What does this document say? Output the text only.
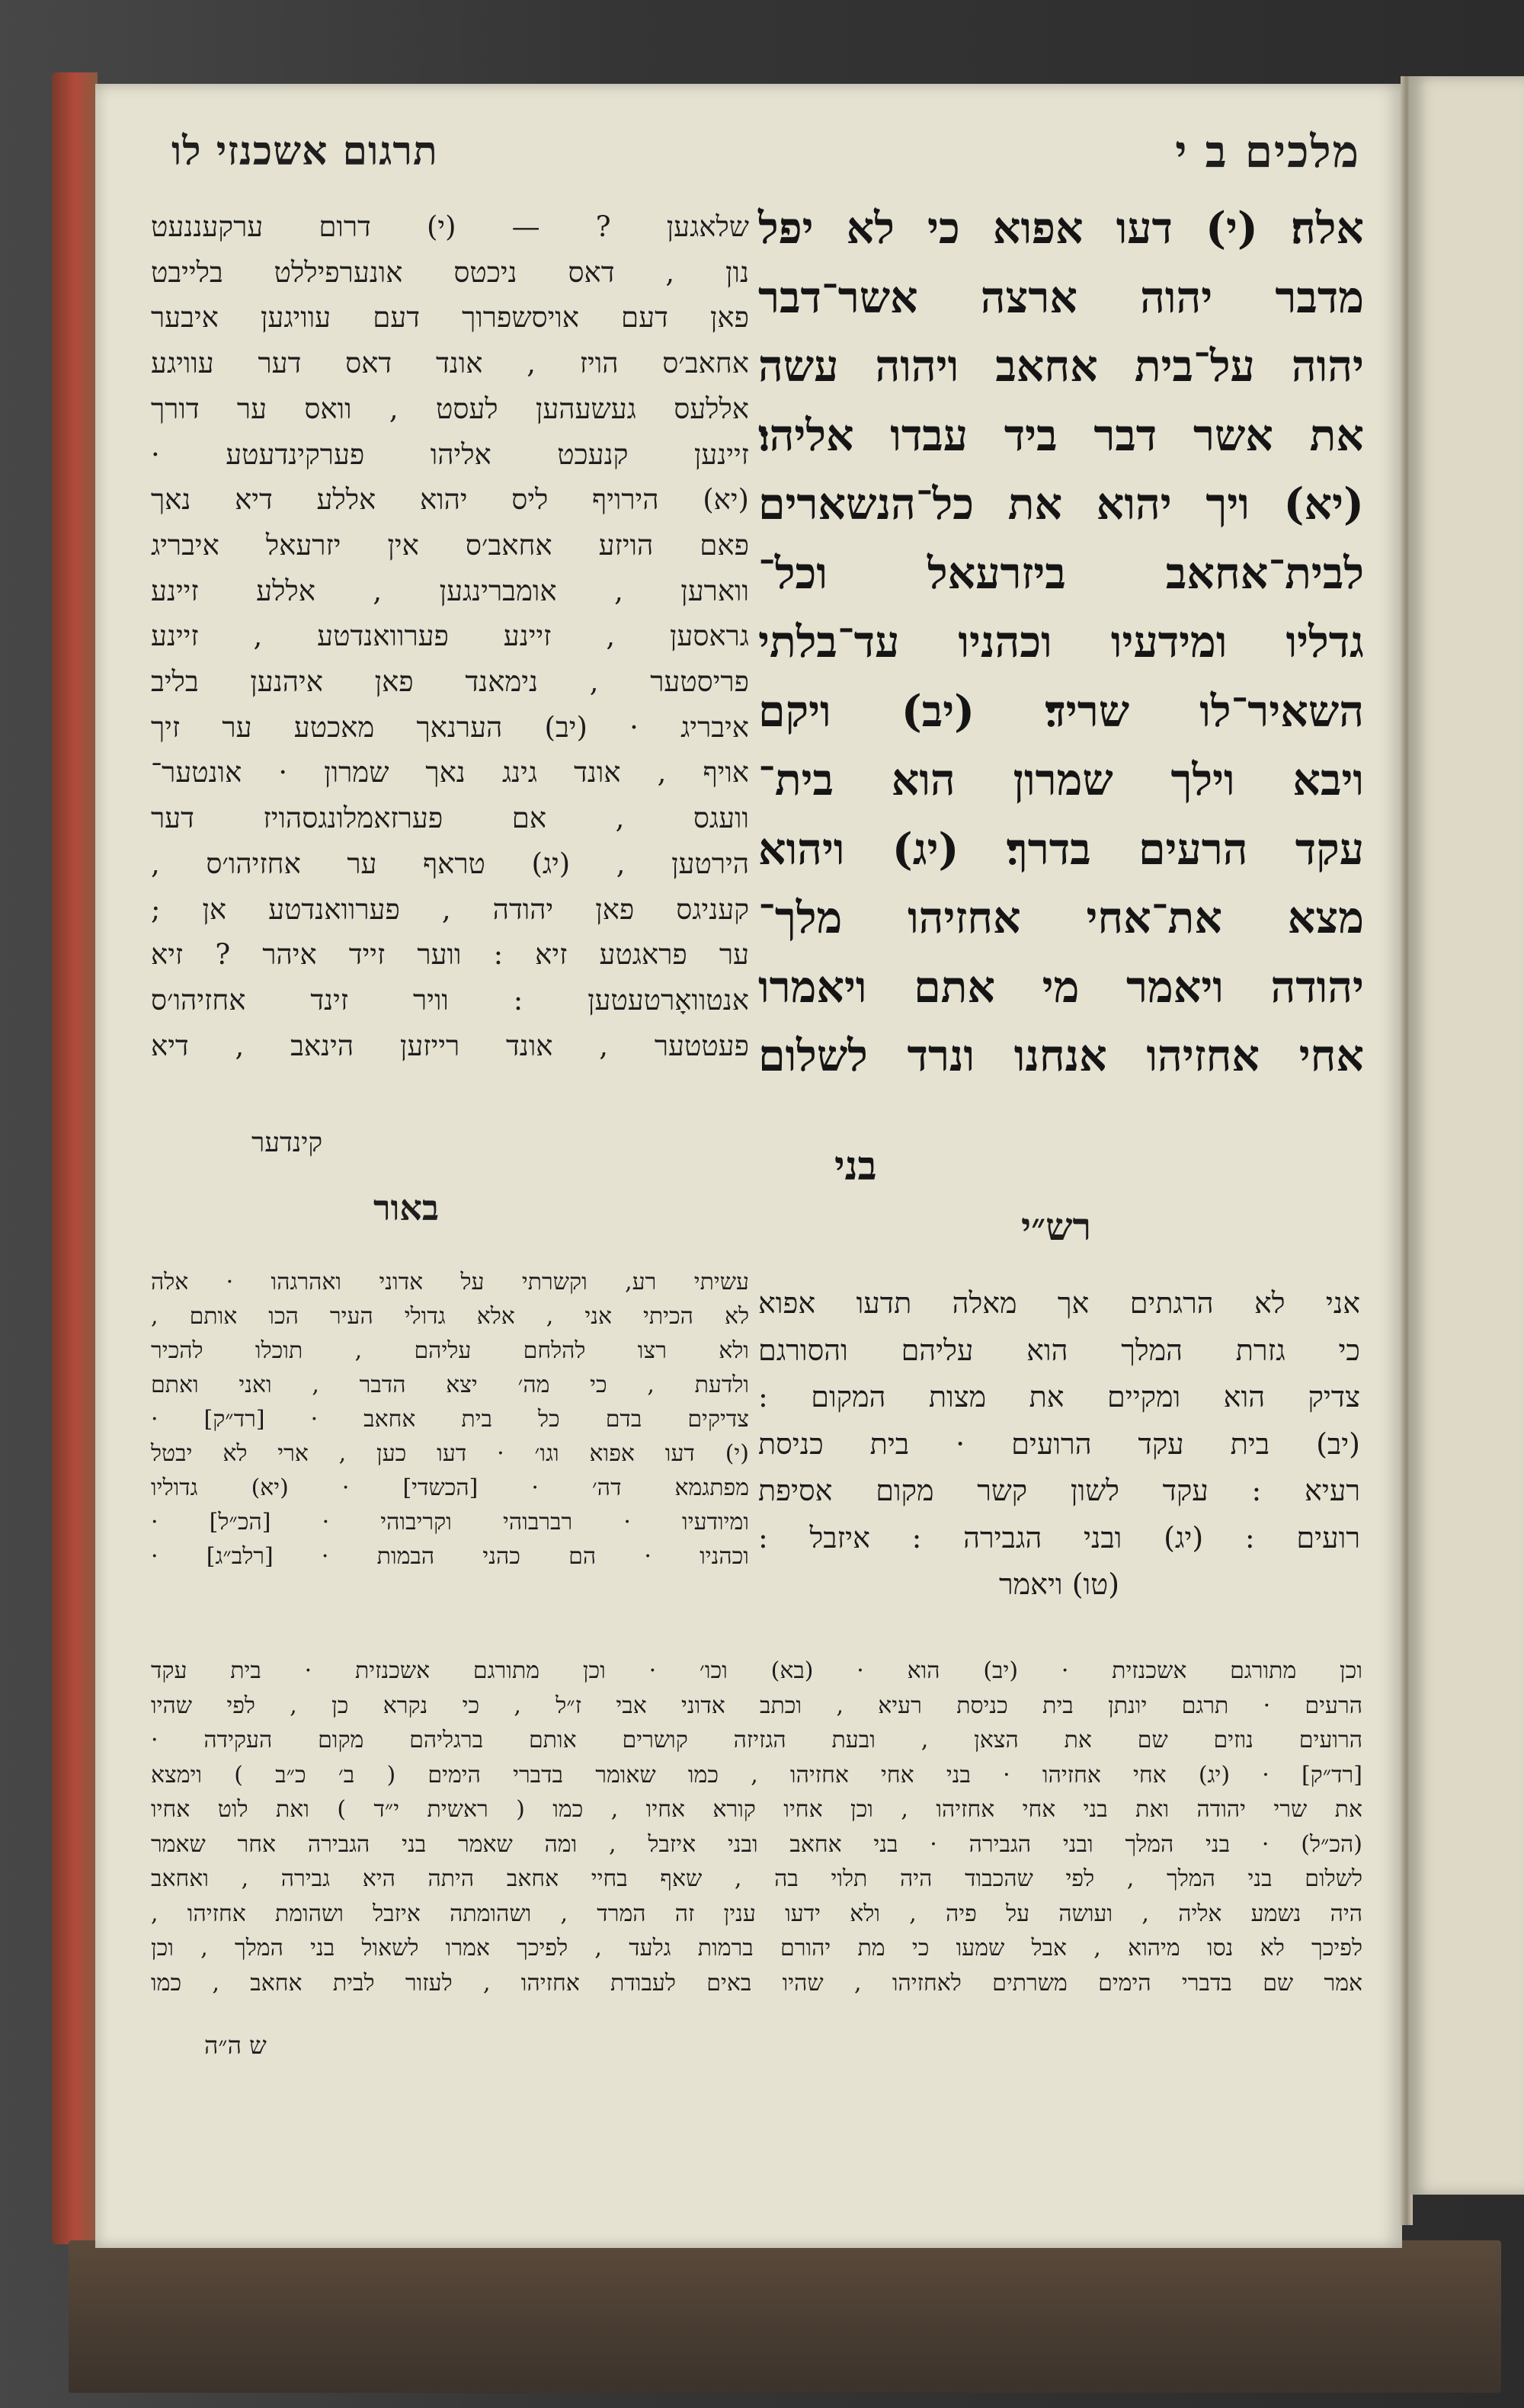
מלכים ב י
תרגום אשכנזי לו
אלה׃ (י) דעו אפוא כי לא יפל
מדבר יהוה ארצה אשר־דבר
יהוה על־בית אחאב ויהוה עשה
את אשר דבר ביד עבדו אליהו׃
(יא) ויך יהוא את כל־הנשארים
לבית־אחאב ביזרעאל וכל־
גדליו ומידעיו וכהניו עד־בלתי
השאיר־לו שריד׃ (יב) ויקם
ויבא וילך שמרון הוא בית־
עקד הרעים בדרך׃ (יג) ויהוא
מצא את־אחי אחזיהו מלך־
יהודה ויאמר מי אתם ויאמרו
אחי אחזיהו אנחנו ונרד לשלום
בני
שלאגען ? — (י) דרום ערקעננעט
נון , דאס ניכטס אונערפיללט בלייבט
פאן דעם אויסשפרוך דעם עוויגען איבער
אחאב׳ס הויז , אונד דאס דער עוויגע
אללעס געשעהען לעסט , וואס ער דורך
זיינען קנעכט אליהו פערקינדעטע ·
(יא) הירויף ליס יהוא אללע דיא נאך
פאם הויזע אחאב׳ס אין יזרעאל איבריג
ווארען , אומברינגען , אללע זיינע
גראסען , זיינע פערוואנדטע , זיינע
פריסטער , נימאנד פאן איהנען בליב
איבריג · (יב) הערנאך מאכטע ער זיך
אויף , אונד גינג נאך שמרון · אונטער־
וועגס , אם פערזאמלונגסהויז דער
הירטען , (יג) טראף ער אחזיהו׳ס ,
קעניגס פאן יהודה , פערוואנדטע אן ;
ער פראגטע זיא : ווער זייד איהר ? זיא
אנטוואָרטעטען : וויר זינד אחזיהו׳ס
פעטטער , אונד רייזען הינאב , דיא
קינדער
רש״י
באור
אני לא הרגתים אך מאלה תדעו אפוא
כי גזרת המלך הוא עליהם והסורגם
צדיק הוא ומקיים את מצות המקום :
(יב) בית עקד הרועים · בית כניסת
רעיא : עקד לשון קשר מקום אסיפת
רועים : (יג) ובני הגבירה : איזבל :
(טו) ויאמר
עשיתי רע, וקשרתי על אדוני ואהרגהו · אלה
לא הכיתי אני , אלא גדולי העיר הכו אותם ,
ולא רצו להלחם עליהם , תוכלו להכיר
ולדעת , כי מה׳ יצא הדבר , ואני ואתם
צדיקים בדם כל בית אחאב · [רד״ק] ·
(י) דעו אפוא וגו׳ · דעו כען , ארי לא יבטל
מפתגמא דה׳ · [הכשדי] · (יא) גדוליו
ומיודעיו · רברבוהי וקריבוהי · [הכ״ל] ·
וכהניו · הם כהני הבמות · [רלב״ג] ·
וכן מתורגם אשכנזית · (יב) הוא · (בא) וכו׳ · וכן מתורגם אשכנזית · בית עקד
הרעים · תרגם יונתן בית כניסת רעיא , וכתב אדוני אבי ז״ל , כי נקרא כן , לפי שהיו
הרועים נוזים שם את הצאן , ובעת הגזיזה קושרים אותם ברגליהם מקום העקידה ·
[רד״ק] · (יג) אחי אחזיהו · בני אחי אחזיהו , כמו שאומר בדברי הימים ( ב׳ כ״ב ) וימצא
את שרי יהודה ואת בני אחי אחזיהו , וכן אחיו קורא אחיו , כמו ( ראשית י״ד ) ואת לוט אחיו
(הכ״ל) · בני המלך ובני הגבירה · בני אחאב ובני איזבל , ומה שאמר בני הגבירה אחר שאמר
לשלום בני המלך , לפי שהכבוד היה תלוי בה , שאף בחיי אחאב היתה היא גבירה , ואחאב
היה נשמע אליה , ועושה על פיה , ולא ידעו ענין זה המרד , ושהומתה איזבל ושהומת אחזיהו ,
לפיכך לא נסו מיהוא , אבל שמעו כי מת יהורם ברמות גלעד , לפיכך אמרו לשאול בני המלך , וכן
אמר שם בדברי הימים משרתים לאחזיהו , שהיו באים לעבודת אחזיהו , לעזור לבית אחאב , כמו
ש ה״ה
